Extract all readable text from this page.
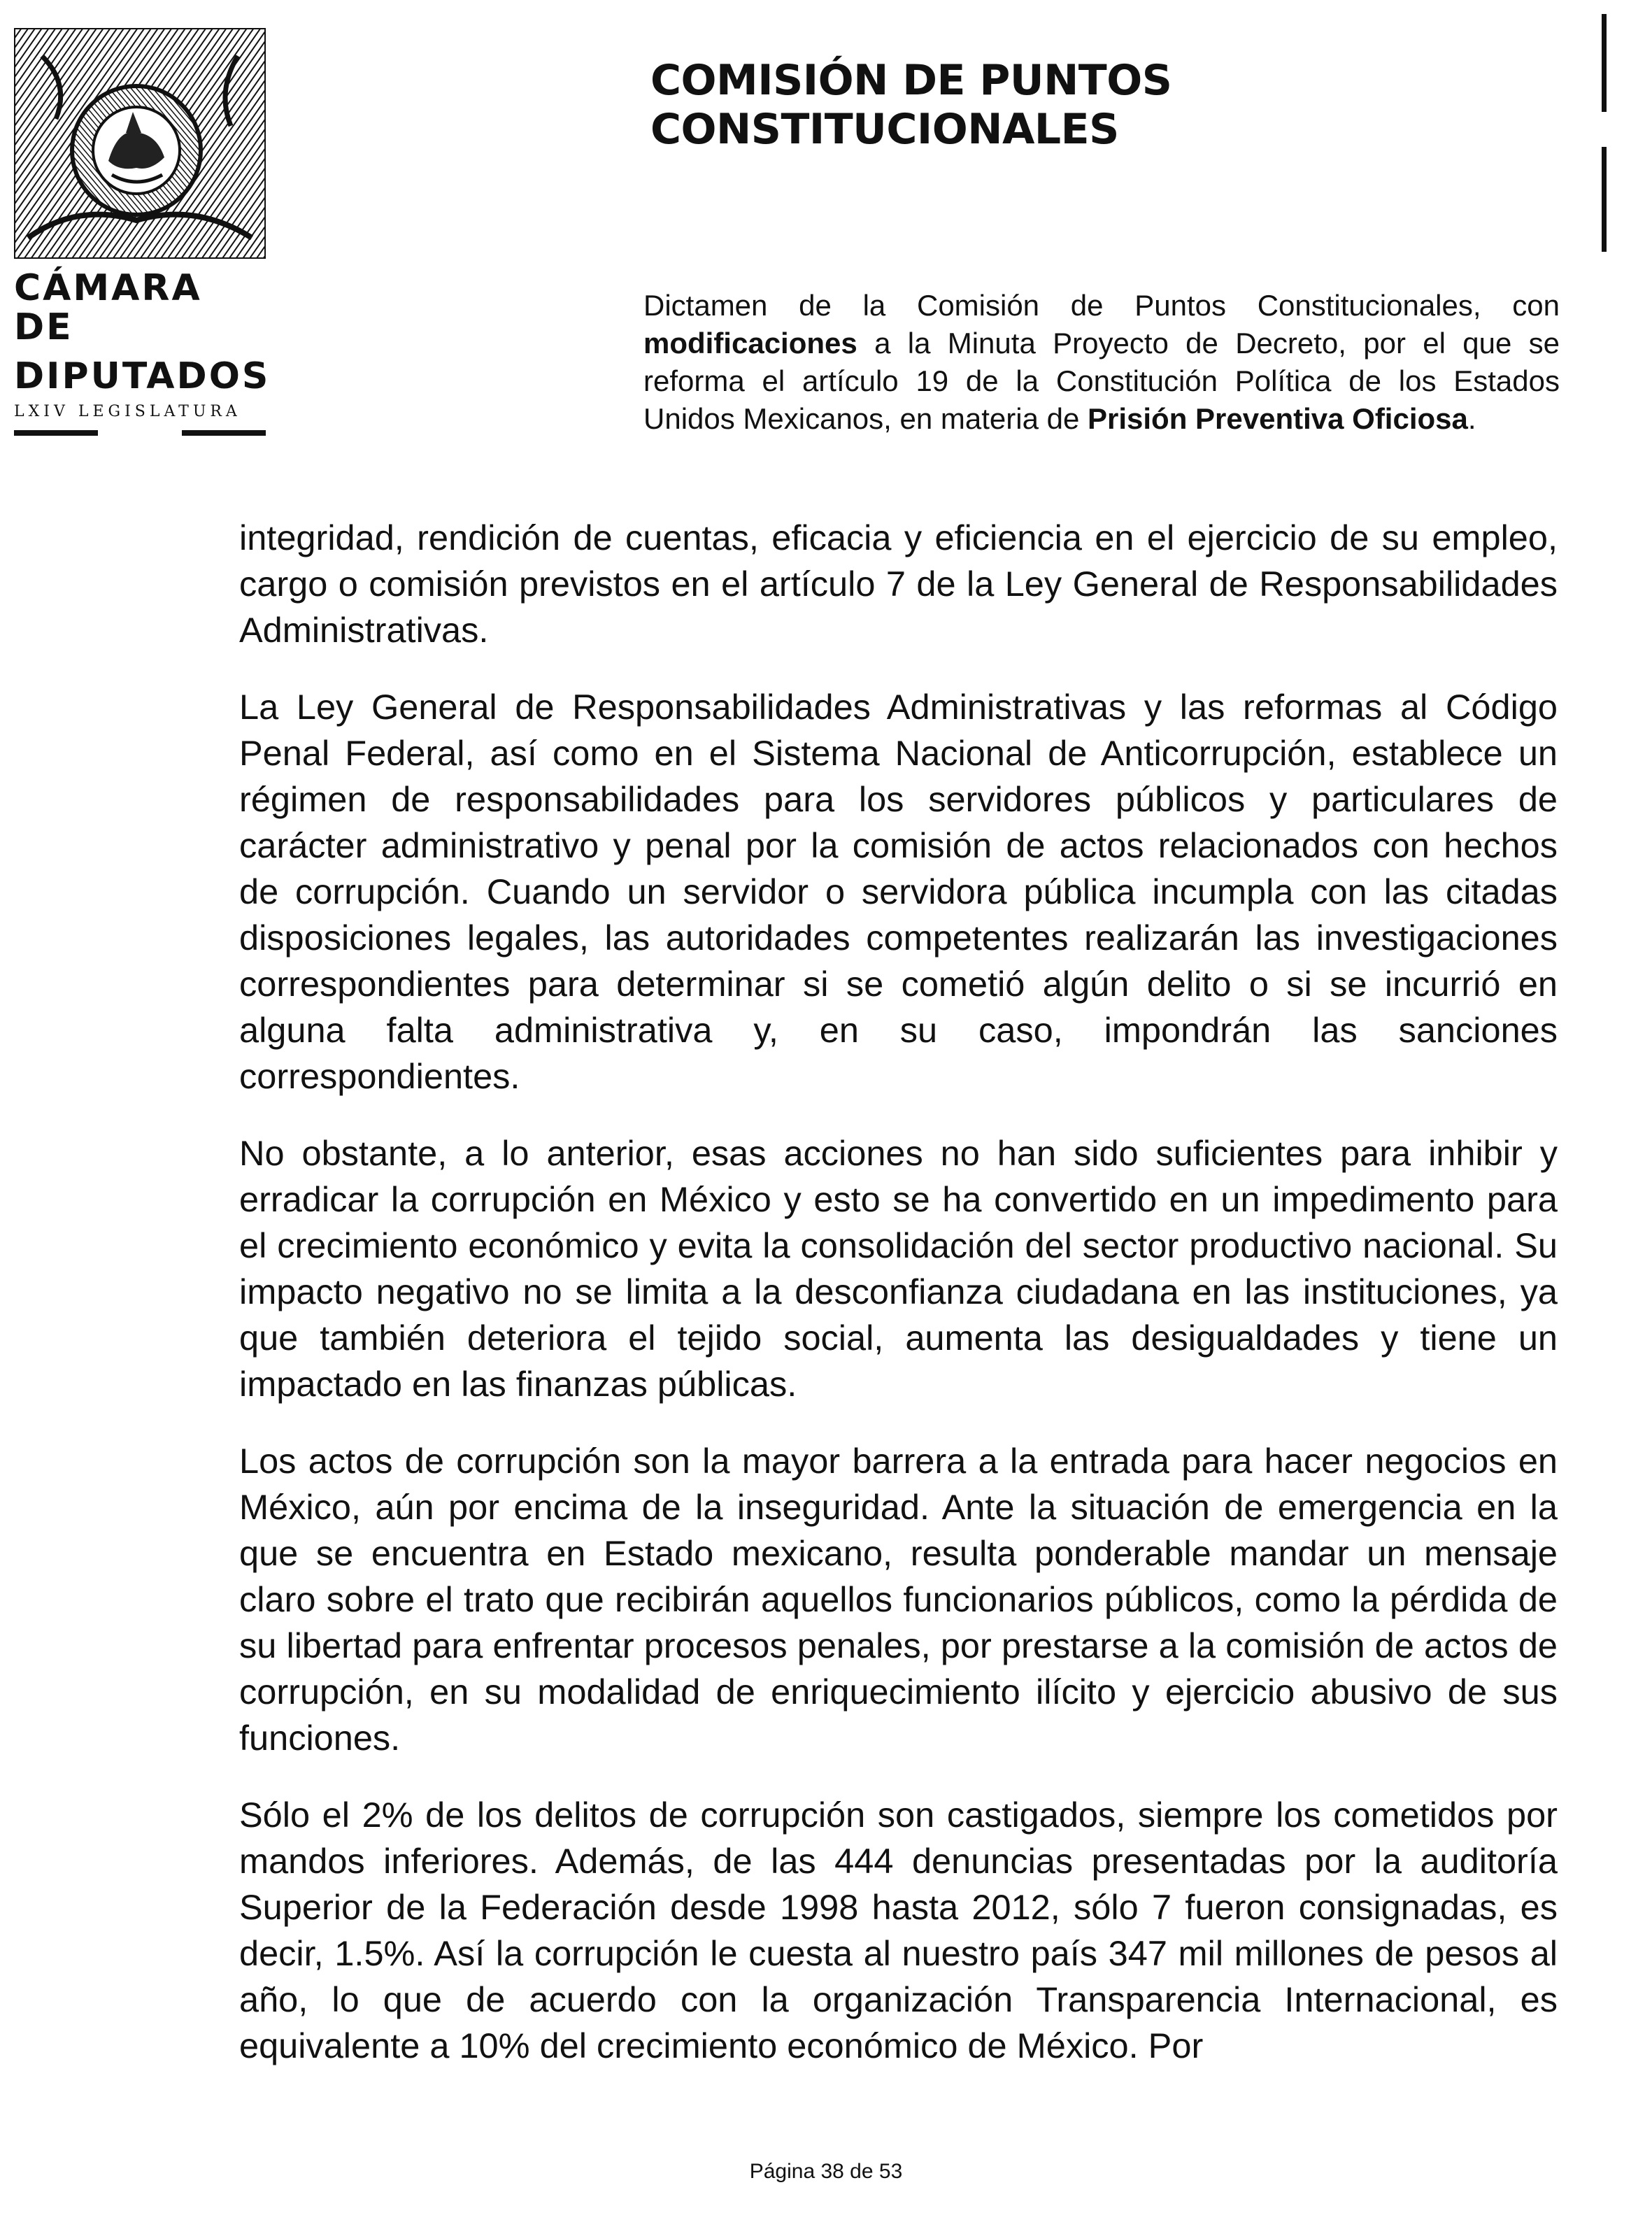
CÁMARA DE
DIPUTADOS
LXIV LEGISLATURA
COMISIÓN DE PUNTOS CONSTITUCIONALES
Dictamen de la Comisión de Puntos Constitucionales, con modificaciones a la Minuta Proyecto de Decreto, por el que se reforma el artículo 19 de la Constitución Política de los Estados Unidos Mexicanos, en materia de Prisión Preventiva Oficiosa.

integridad, rendición de cuentas, eficacia y eficiencia en el ejercicio de su empleo, cargo o comisión previstos en el artículo 7 de la Ley General de Responsabilidades Administrativas.

La Ley General de Responsabilidades Administrativas y las reformas al Código Penal Federal, así como en el Sistema Nacional de Anticorrupción, establece un régimen de responsabilidades para los servidores públicos y particulares de carácter administrativo y penal por la comisión de actos relacionados con hechos de corrupción. Cuando un servidor o servidora pública incumpla con las citadas disposiciones legales, las autoridades competentes realizarán las investigaciones correspondientes para determinar si se cometió algún delito o si se incurrió en alguna falta administrativa y, en su caso, impondrán las sanciones correspondientes.

No obstante, a lo anterior, esas acciones no han sido suficientes para inhibir y erradicar la corrupción en México y esto se ha convertido en un impedimento para el crecimiento económico y evita la consolidación del sector productivo nacional. Su impacto negativo no se limita a la desconfianza ciudadana en las instituciones, ya que también deteriora el tejido social, aumenta las desigualdades y tiene un impactado en las finanzas públicas.

Los actos de corrupción son la mayor barrera a la entrada para hacer negocios en México, aún por encima de la inseguridad. Ante la situación de emergencia en la que se encuentra en Estado mexicano, resulta ponderable mandar un mensaje claro sobre el trato que recibirán aquellos funcionarios públicos, como la pérdida de su libertad para enfrentar procesos penales, por prestarse a la comisión de actos de corrupción, en su modalidad de enriquecimiento ilícito y ejercicio abusivo de sus funciones.

Sólo el 2% de los delitos de corrupción son castigados, siempre los cometidos por mandos inferiores. Además, de las 444 denuncias presentadas por la auditoría Superior de la Federación desde 1998 hasta 2012, sólo 7 fueron consignadas, es decir, 1.5%. Así la corrupción le cuesta al nuestro país 347 mil millones de pesos al año, lo que de acuerdo con la organización Transparencia Internacional, es equivalente a 10% del crecimiento económico de México. Por

Página 38 de 53
